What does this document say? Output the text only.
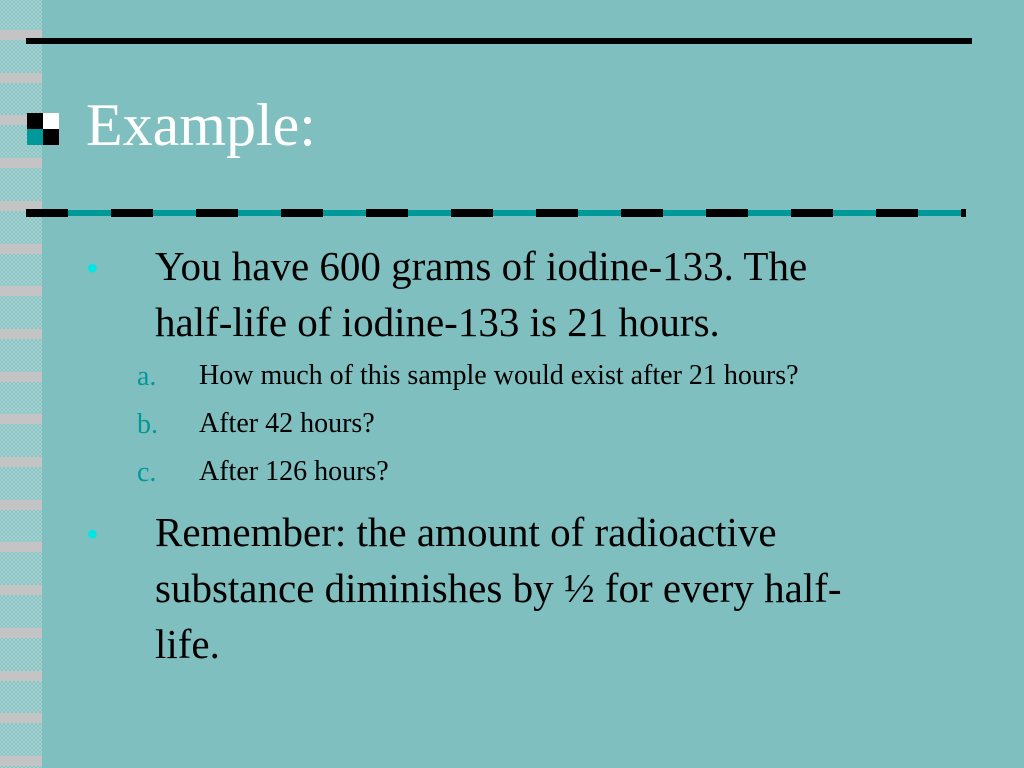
Example:
• You have 600 grams of iodine-133. The
half-life of iodine-133 is 21 hours.
a. How much of this sample would exist after 21 hours?
b. After 42 hours?
c. After 126 hours?
• Remember: the amount of radioactive
substance diminishes by ½ for every half-
life.
